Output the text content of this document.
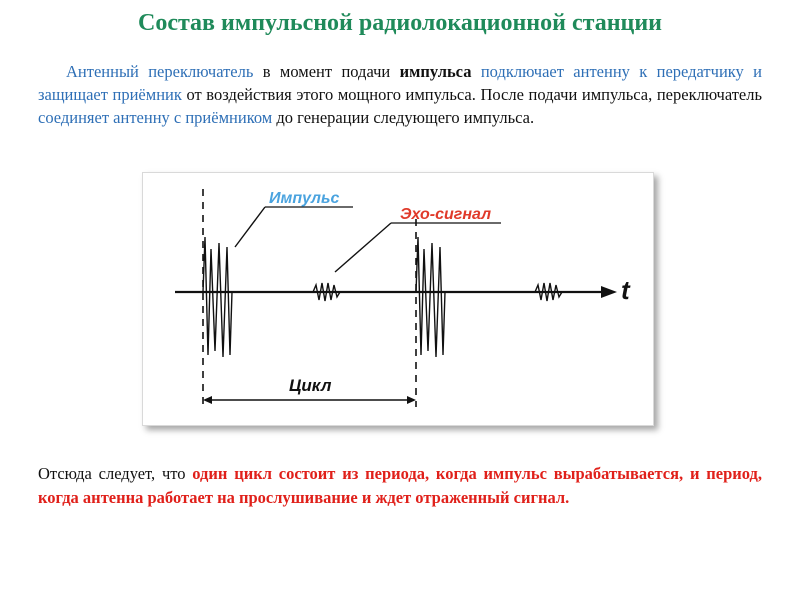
Состав импульсной радиолокационной станции

Антенный переключатель в момент подачи импульса подключает антенну к передатчику и защищает приёмник от воздействия этого мощного импульса. После подачи импульса, переключатель соединяет антенну с приёмником до генерации следующего импульса.

t
Импульс
Эхо-сигнал
Цикл

Отсюда следует, что один цикл состоит из периода, когда импульс вырабатывается, и период, когда антенна работает на прослушивание и ждет отраженный сигнал.
